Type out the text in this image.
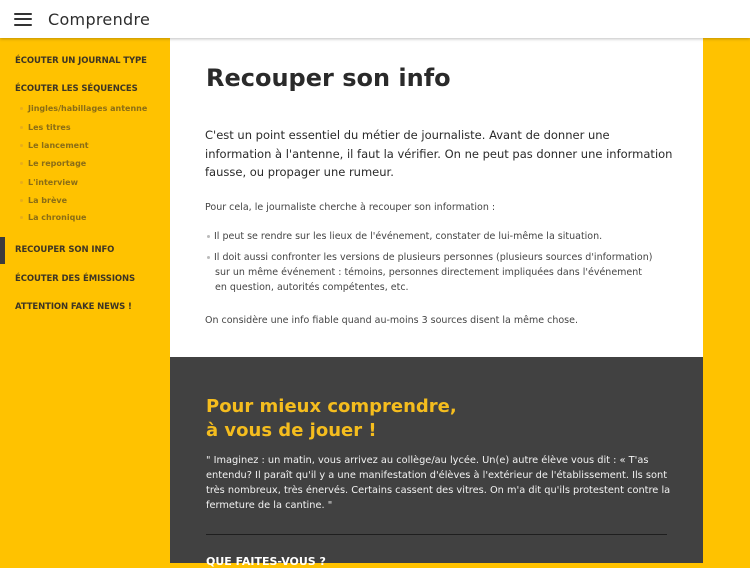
Comprendre
ÉCOUTER UN JOURNAL TYPE
ÉCOUTER LES SÉQUENCES
Jingles/habillages antenne
Les titres
Le lancement
Le reportage
L'interview
La brève
La chronique
RECOUPER SON INFO
ÉCOUTER DES ÉMISSIONS
ATTENTION FAKE NEWS !
Recouper son info

C'est un point essentiel du métier de journaliste. Avant de donner une information à l'antenne, il faut la vérifier. On ne peut pas donner une information fausse, ou propager une rumeur.

Pour cela, le journaliste cherche à recouper son information :

Il peut se rendre sur les lieux de l'événement, constater de lui-même la situation.
Il doit aussi confronter les versions de plusieurs personnes (plusieurs sources d'information)
sur un même événement : témoins, personnes directement impliquées dans l'événement
en question, autorités compétentes, etc.

On considère une info fiable quand au-moins 3 sources disent la même chose.

Pour mieux comprendre,
à vous de jouer !

" Imaginez : un matin, vous arrivez au collège/au lycée. Un(e) autre élève vous dit : « T'as entendu? Il paraît qu'il y a une manifestation d'élèves à l'extérieur de l'établissement. Ils sont très nombreux, très énervés. Certains cassent des vitres. On m'a dit qu'ils protestent contre la fermeture de la cantine. "

QUE FAITES-VOUS ?
